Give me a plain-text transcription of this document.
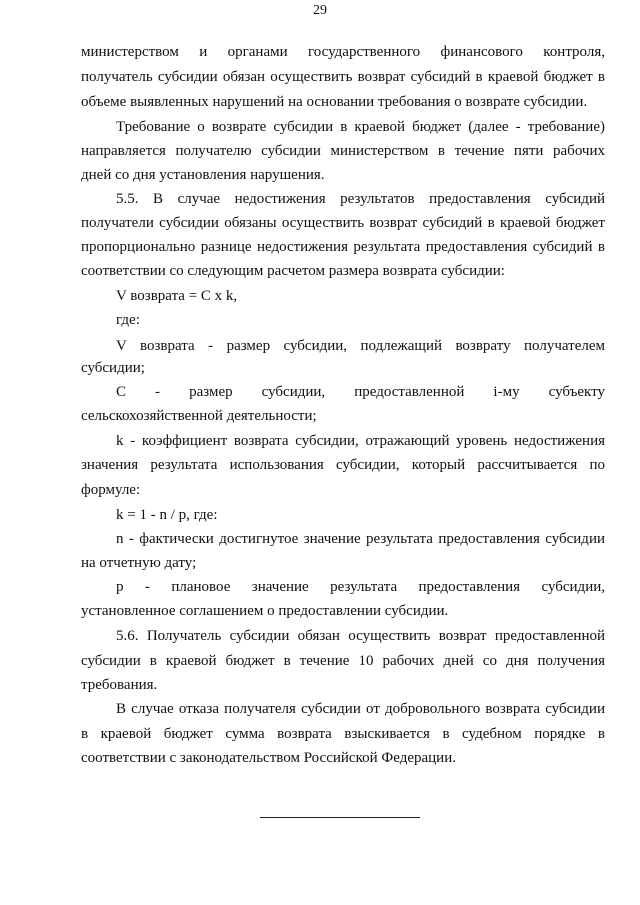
29
министерством и органами государственного финансового контроля,
получатель субсидии обязан осуществить возврат субсидий в краевой бюджет в
объеме выявленных нарушений на основании требования о возврате субсидии.
Требование о возврате субсидии в краевой бюджет (далее - требование)
направляется получателю субсидии министерством в течение пяти рабочих
дней со дня установления нарушения.
5.5. В случае недостижения результатов предоставления субсидий
получатели субсидии обязаны осуществить возврат субсидий в краевой бюджет
пропорционально разнице недостижения результата предоставления субсидий в
соответствии со следующим расчетом размера возврата субсидии:
V возврата = C x k,
где:
V возврата - размер субсидии, подлежащий возврату получателем
субсидии;
C - размер субсидии, предоставленной i-му субъекту
сельскохозяйственной деятельности;
k - коэффициент возврата субсидии, отражающий уровень недостижения
значения результата использования субсидии, который рассчитывается по
формуле:
k = 1 - n / p, где:
n - фактически достигнутое значение результата предоставления субсидии
на отчетную дату;
p - плановое значение результата предоставления субсидии,
установленное соглашением о предоставлении субсидии.
5.6. Получатель субсидии обязан осуществить возврат предоставленной
субсидии в краевой бюджет в течение 10 рабочих дней со дня получения
требования.
В случае отказа получателя субсидии от добровольного возврата субсидии
в краевой бюджет сумма возврата взыскивается в судебном порядке в
соответствии с законодательством Российской Федерации.
